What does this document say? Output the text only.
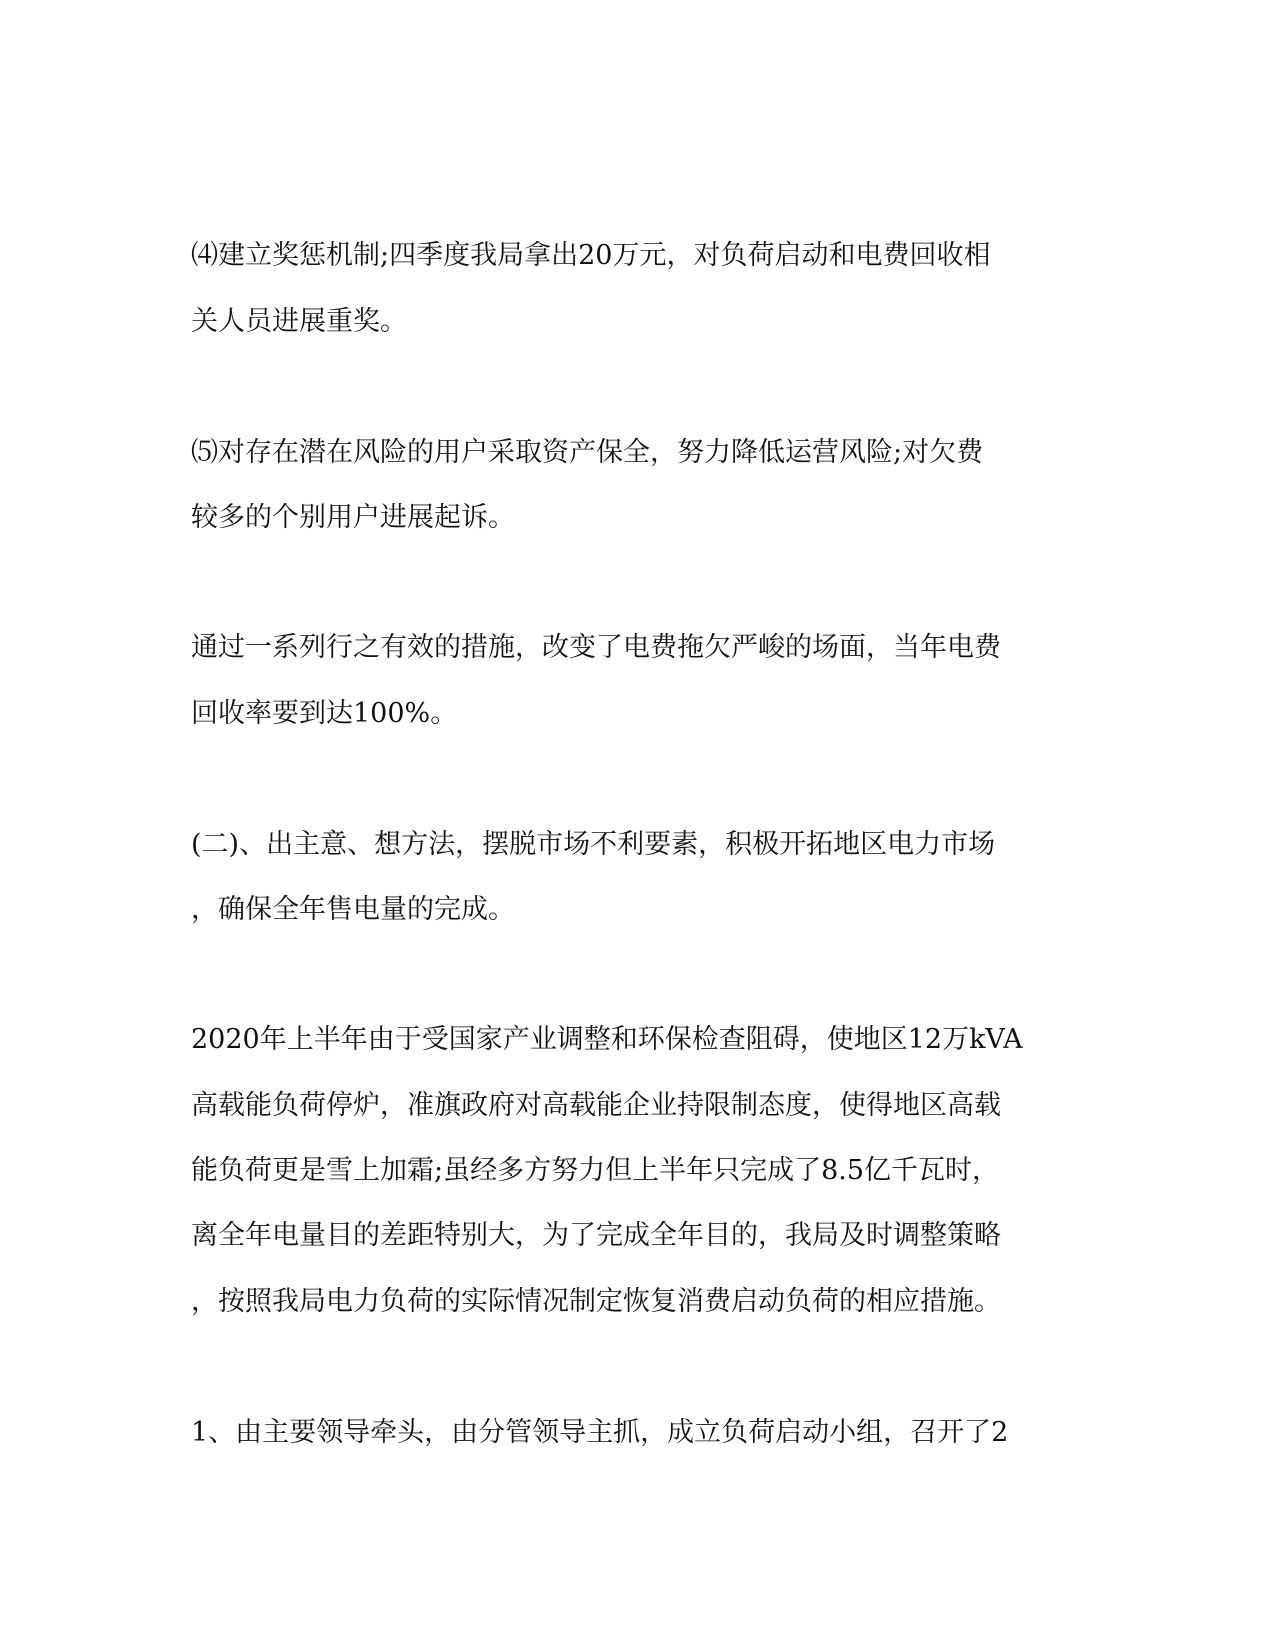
⑷建立奖惩机制;四季度我局拿出20万元，对负荷启动和电费回收相
关人员进展重奖。
⑸对存在潜在风险的用户采取资产保全，努力降低运营风险;对欠费
较多的个别用户进展起诉。
通过一系列行之有效的措施，改变了电费拖欠严峻的场面，当年电费
回收率要到达100%。
(二)、出主意、想方法，摆脱市场不利要素，积极开拓地区电力市场
，确保全年售电量的完成。
2020年上半年由于受国家产业调整和环保检查阻碍，使地区12万kVA
高载能负荷停炉，准旗政府对高载能企业持限制态度，使得地区高载
能负荷更是雪上加霜;虽经多方努力但上半年只完成了8.5亿千瓦时，
离全年电量目的差距特别大，为了完成全年目的，我局及时调整策略
，按照我局电力负荷的实际情况制定恢复消费启动负荷的相应措施。
1、由主要领导牵头，由分管领导主抓，成立负荷启动小组，召开了2
